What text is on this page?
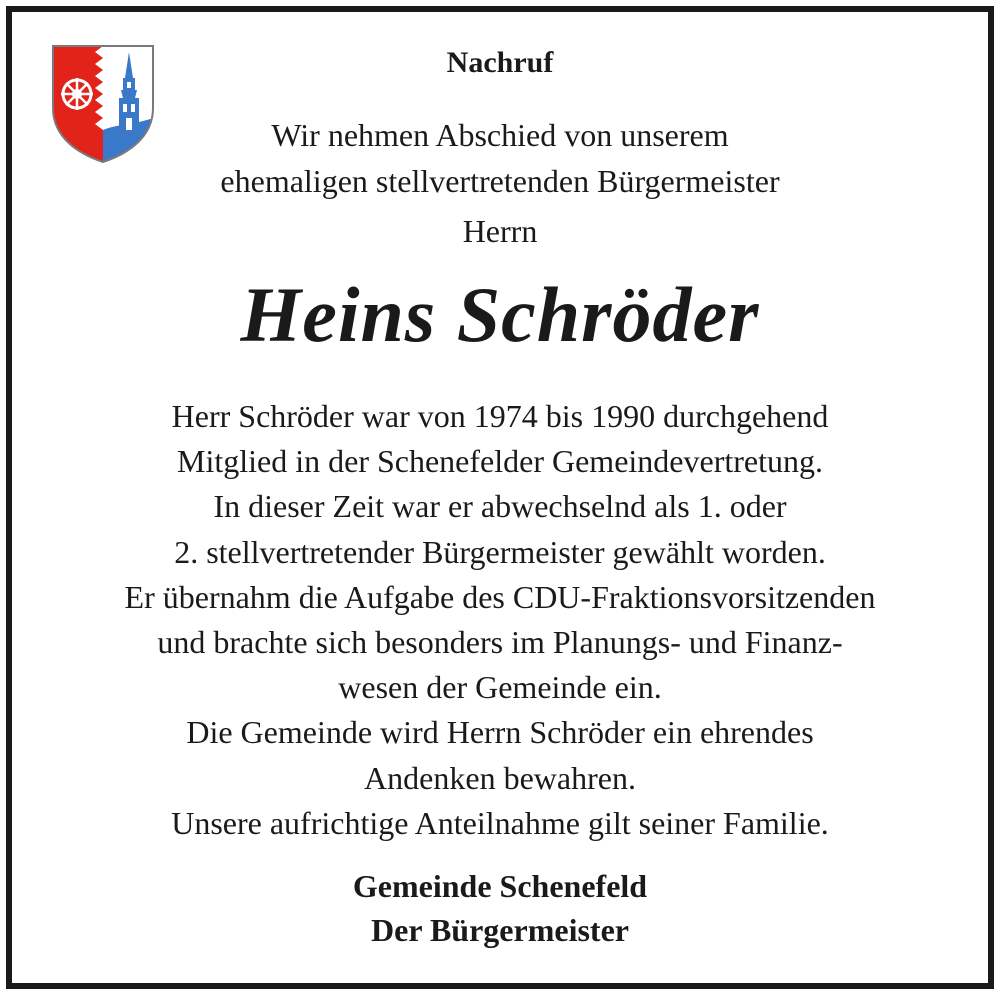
Nachruf
Wir nehmen Abschied von unserem
ehemaligen stellvertretenden Bürgermeister
Herrn
Heins Schröder
Herr Schröder war von 1974 bis 1990 durchgehend
Mitglied in der Schenefelder Gemeindevertretung.
In dieser Zeit war er abwechselnd als 1. oder
2. stellvertretender Bürgermeister gewählt worden.
Er übernahm die Aufgabe des CDU-Fraktionsvorsitzenden
und brachte sich besonders im Planungs- und Finanz-
wesen der Gemeinde ein.
Die Gemeinde wird Herrn Schröder ein ehrendes
Andenken bewahren.
Unsere aufrichtige Anteilnahme gilt seiner Familie.
Gemeinde Schenefeld
Der Bürgermeister
